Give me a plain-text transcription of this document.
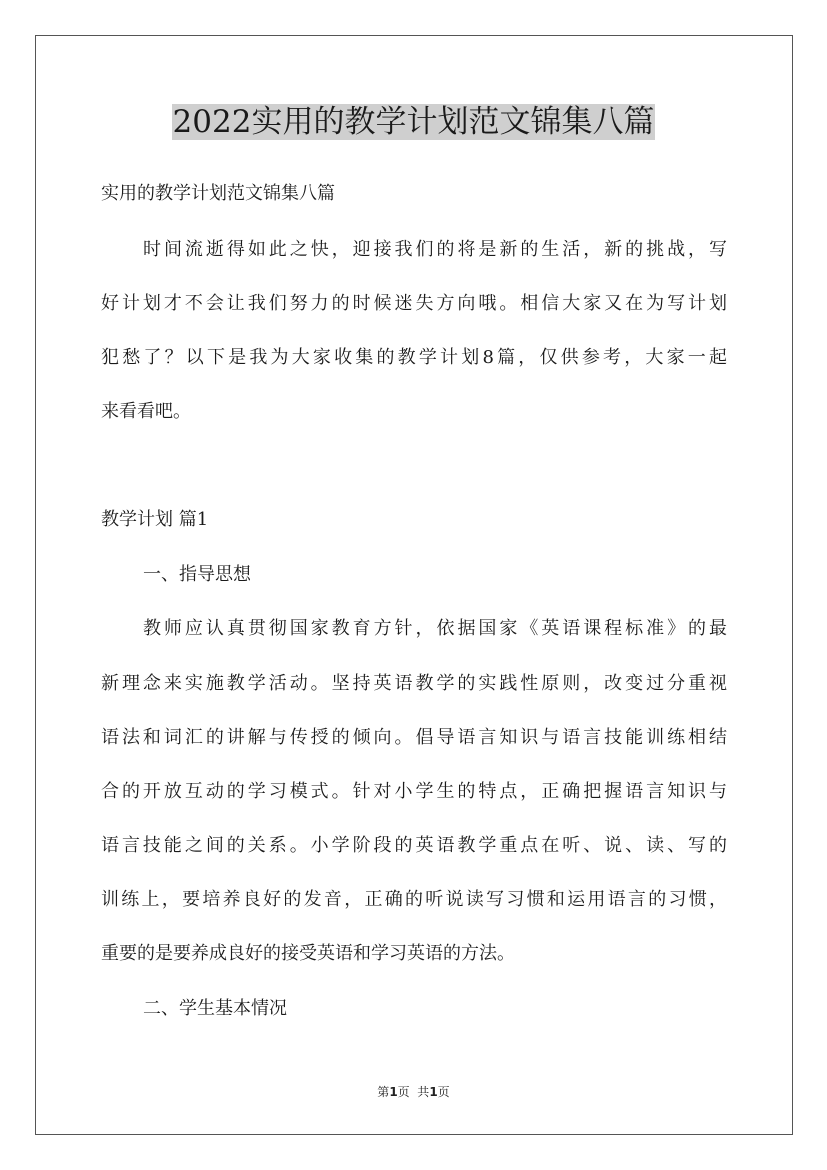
2022实用的教学计划范文锦集八篇

实用的教学计划范文锦集八篇

时间流逝得如此之快，迎接我们的将是新的生活，新的挑战，写

好计划才不会让我们努力的时候迷失方向哦。相信大家又在为写计划

犯愁了？以下是我为大家收集的教学计划8篇，仅供参考，大家一起

来看看吧。

教学计划 篇1

一、指导思想

教师应认真贯彻国家教育方针，依据国家《英语课程标准》的最

新理念来实施教学活动。坚持英语教学的实践性原则，改变过分重视

语法和词汇的讲解与传授的倾向。倡导语言知识与语言技能训练相结

合的开放互动的学习模式。针对小学生的特点，正确把握语言知识与

语言技能之间的关系。小学阶段的英语教学重点在听、说、读、写的

训练上，要培养良好的发音，正确的听说读写习惯和运用语言的习惯，

重要的是要养成良好的接受英语和学习英语的方法。

二、学生基本情况

第1页  共1页
